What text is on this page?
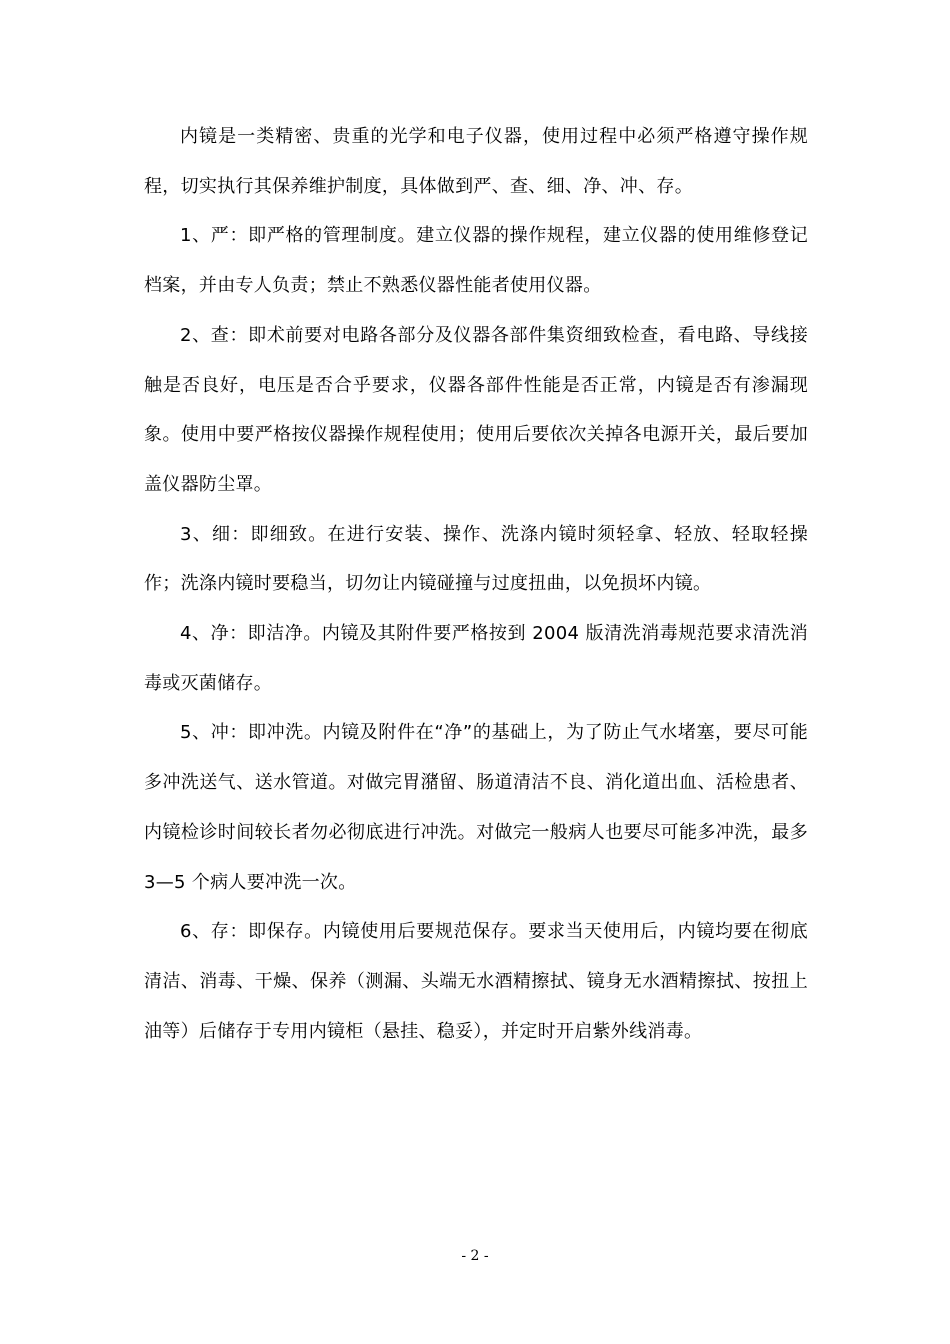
内镜是一类精密、贵重的光学和电子仪器，使用过程中必须严格遵守操作规程，切实执行其保养维护制度，具体做到严、查、细、净、冲、存。

1、严：即严格的管理制度。建立仪器的操作规程，建立仪器的使用维修登记档案，并由专人负责；禁止不熟悉仪器性能者使用仪器。

2、查：即术前要对电路各部分及仪器各部件集资细致检查，看电路、导线接触是否良好，电压是否合乎要求，仪器各部件性能是否正常，内镜是否有渗漏现象。使用中要严格按仪器操作规程使用；使用后要依次关掉各电源开关，最后要加盖仪器防尘罩。

3、细：即细致。在进行安装、操作、洗涤内镜时须轻拿、轻放、轻取轻操作；洗涤内镜时要稳当，切勿让内镜碰撞与过度扭曲，以免损坏内镜。

4、净：即洁净。内镜及其附件要严格按到 2004 版清洗消毒规范要求清洗消毒或灭菌储存。

5、冲：即冲洗。内镜及附件在“净”的基础上，为了防止气水堵塞，要尽可能多冲洗送气、送水管道。对做完胃潴留、肠道清洁不良、消化道出血、活检患者、内镜检诊时间较长者勿必彻底进行冲洗。对做完一般病人也要尽可能多冲洗，最多 3—5 个病人要冲洗一次。

6、存：即保存。内镜使用后要规范保存。要求当天使用后，内镜均要在彻底清洁、消毒、干燥、保养（测漏、头端无水酒精擦拭、镜身无水酒精擦拭、按扭上油等）后储存于专用内镜柜（悬挂、稳妥），并定时开启紫外线消毒。

- 2 -
